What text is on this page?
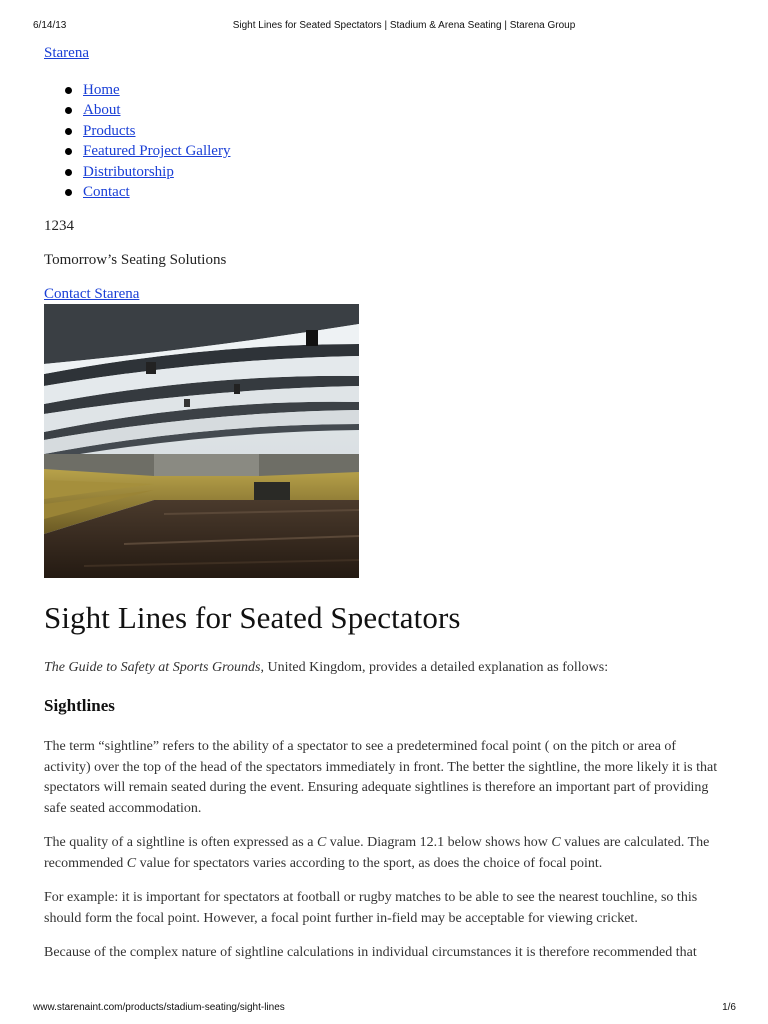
6/14/13	Sight Lines for Seated Spectators | Stadium & Arena Seating | Starena Group
Starena
Home
About
Products
Featured Project Gallery
Distributorship
Contact
1234
Tomorrow’s Seating Solutions
Contact Starena
Sight Lines for Seated Spectators
The Guide to Safety at Sports Grounds, United Kingdom, provides a detailed explanation as follows:
Sightlines

The term “sightline” refers to the ability of a spectator to see a predetermined focal point ( on the pitch or area of activity) over the top of the head of the spectators immediately in front. The better the sightline, the more likely it is that spectators will remain seated during the event. Ensuring adequate sightlines is therefore an important part of providing safe seated accommodation.

The quality of a sightline is often expressed as a C value. Diagram 12.1 below shows how C values are calculated. The recommended C value for spectators varies according to the sport, as does the choice of focal point.

For example: it is important for spectators at football or rugby matches to be able to see the nearest touchline, so this should form the focal point. However, a focal point further in-field may be acceptable for viewing cricket.

Because of the complex nature of sightline calculations in individual circumstances it is therefore recommended that

www.starenaint.com/products/stadium-seating/sight-lines	1/6
